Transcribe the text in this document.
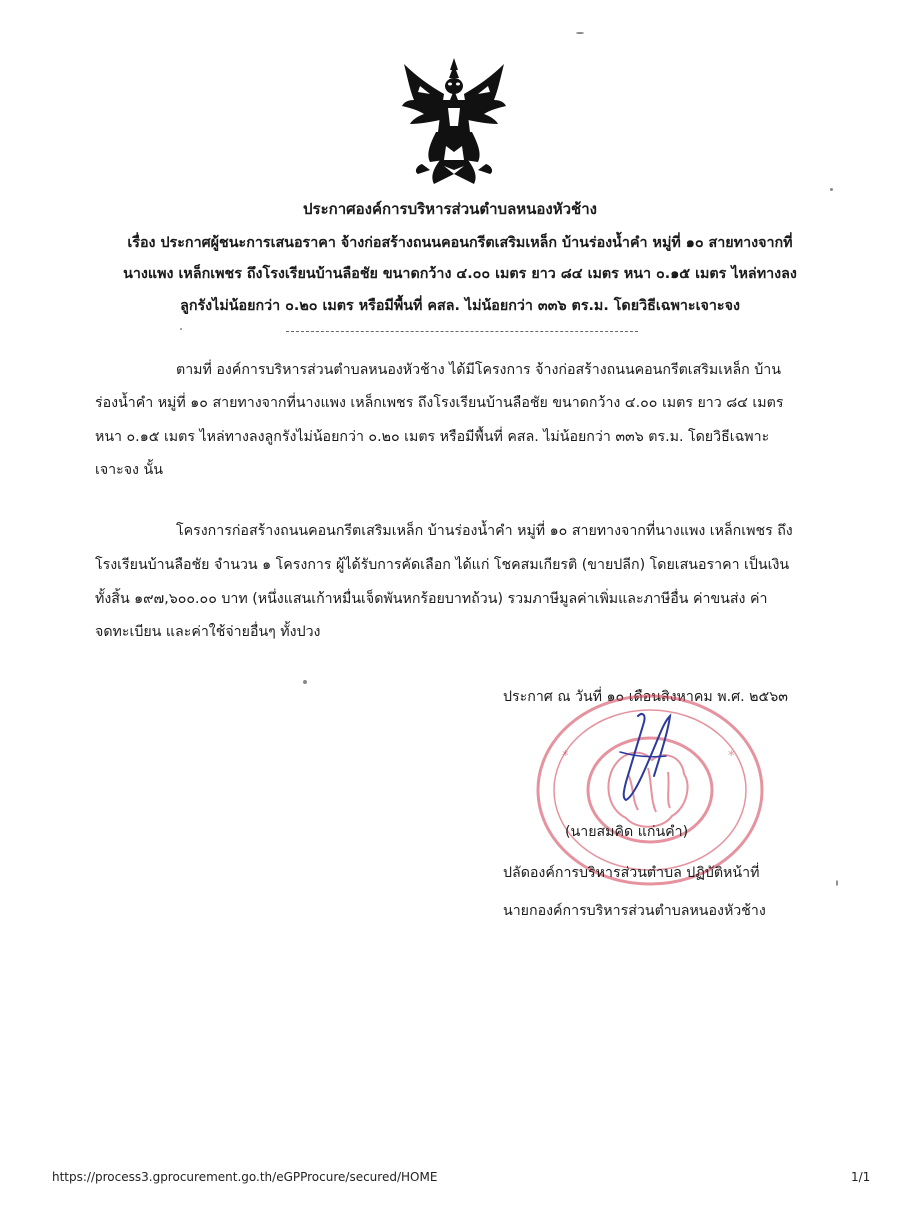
ประกาศองค์การบริหารส่วนตำบลหนองหัวช้าง
เรื่อง ประกาศผู้ชนะการเสนอราคา จ้างก่อสร้างถนนคอนกรีตเสริมเหล็ก บ้านร่องน้ำคำ หมู่ที่ ๑๐ สายทางจากที่
นางแพง เหล็กเพชร ถึงโรงเรียนบ้านลือชัย ขนาดกว้าง ๔.๐๐ เมตร ยาว ๘๔ เมตร หนา ๐.๑๕ เมตร ไหล่ทางลง
ลูกรังไม่น้อยกว่า ๐.๒๐ เมตร หรือมีพื้นที่ คสล. ไม่น้อยกว่า ๓๓๖ ตร.ม. โดยวิธีเฉพาะเจาะจง
ตามที่ องค์การบริหารส่วนตำบลหนองหัวช้าง ได้มีโครงการ จ้างก่อสร้างถนนคอนกรีตเสริมเหล็ก บ้าน
ร่องน้ำคำ หมู่ที่ ๑๐ สายทางจากที่นางแพง เหล็กเพชร ถึงโรงเรียนบ้านลือชัย ขนาดกว้าง ๔.๐๐ เมตร ยาว ๘๔ เมตร
หนา ๐.๑๕ เมตร ไหล่ทางลงลูกรังไม่น้อยกว่า ๐.๒๐ เมตร หรือมีพื้นที่ คสล. ไม่น้อยกว่า ๓๓๖ ตร.ม. โดยวิธีเฉพาะ
เจาะจง นั้น
โครงการก่อสร้างถนนคอนกรีตเสริมเหล็ก บ้านร่องน้ำคำ หมู่ที่ ๑๐ สายทางจากที่นางแพง เหล็กเพชร ถึง
โรงเรียนบ้านลือชัย จำนวน ๑ โครงการ ผู้ได้รับการคัดเลือก ได้แก่ โชคสมเกียรติ (ขายปลีก) โดยเสนอราคา เป็นเงิน
ทั้งสิ้น ๑๙๗,๖๐๐.๐๐ บาท (หนึ่งแสนเก้าหมื่นเจ็ดพันหกร้อยบาทถ้วน) รวมภาษีมูลค่าเพิ่มและภาษีอื่น ค่าขนส่ง ค่า
จดทะเบียน และค่าใช้จ่ายอื่นๆ ทั้งปวง
ประกาศ ณ วันที่ ๑๐ เดือนสิงหาคม พ.ศ. ๒๕๖๓
*	*
(นายสมคิด แก่นคำ)
ปลัดองค์การบริหารส่วนตำบล ปฏิบัติหน้าที่
นายกองค์การบริหารส่วนตำบลหนองหัวช้าง
https://process3.gprocurement.go.th/eGPProcure/secured/HOME	1/1
